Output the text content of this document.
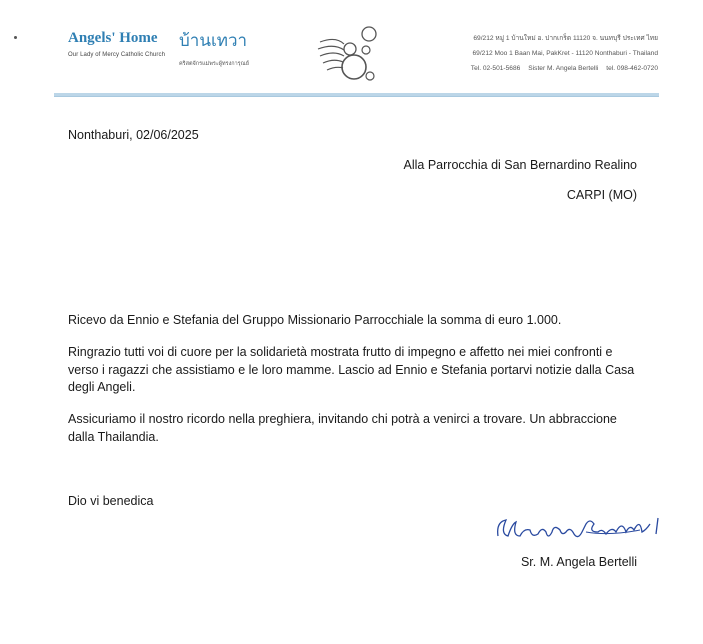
Angels' Home
Our Lady of Mercy Catholic Church
บ้านเทวา
คริสตจักรแม่พระผู้ทรงการุณย์
69/212 หมู่ 1 บ้านใหม่ อ. ปากเกร็ด 11120 จ. นนทบุรี ประเทศ ไทย
69/212 Moo 1 Baan Mai, PakKret - 11120 Nonthaburi - Thailand
Tel. 02-501-5686 Sister M. Angela Bertelli tel. 098-462-0720
Nonthaburi, 02/06/2025
Alla Parrocchia di San Bernardino Realino
CARPI (MO)
Ricevo da Ennio e Stefania del Gruppo Missionario Parrocchiale la somma di euro 1.000.
Ringrazio tutti voi di cuore per la solidarietà mostrata frutto di impegno e affetto nei miei confronti e verso i ragazzi che assistiamo e le loro mamme. Lascio ad Ennio e Stefania portarvi notizie dalla Casa degli Angeli.
Assicuriamo il nostro ricordo nella preghiera, invitando chi potrà a venirci a trovare. Un abbraccione dalla Thailandia.
Dio vi benedica
Sr. M. Angela Bertelli
